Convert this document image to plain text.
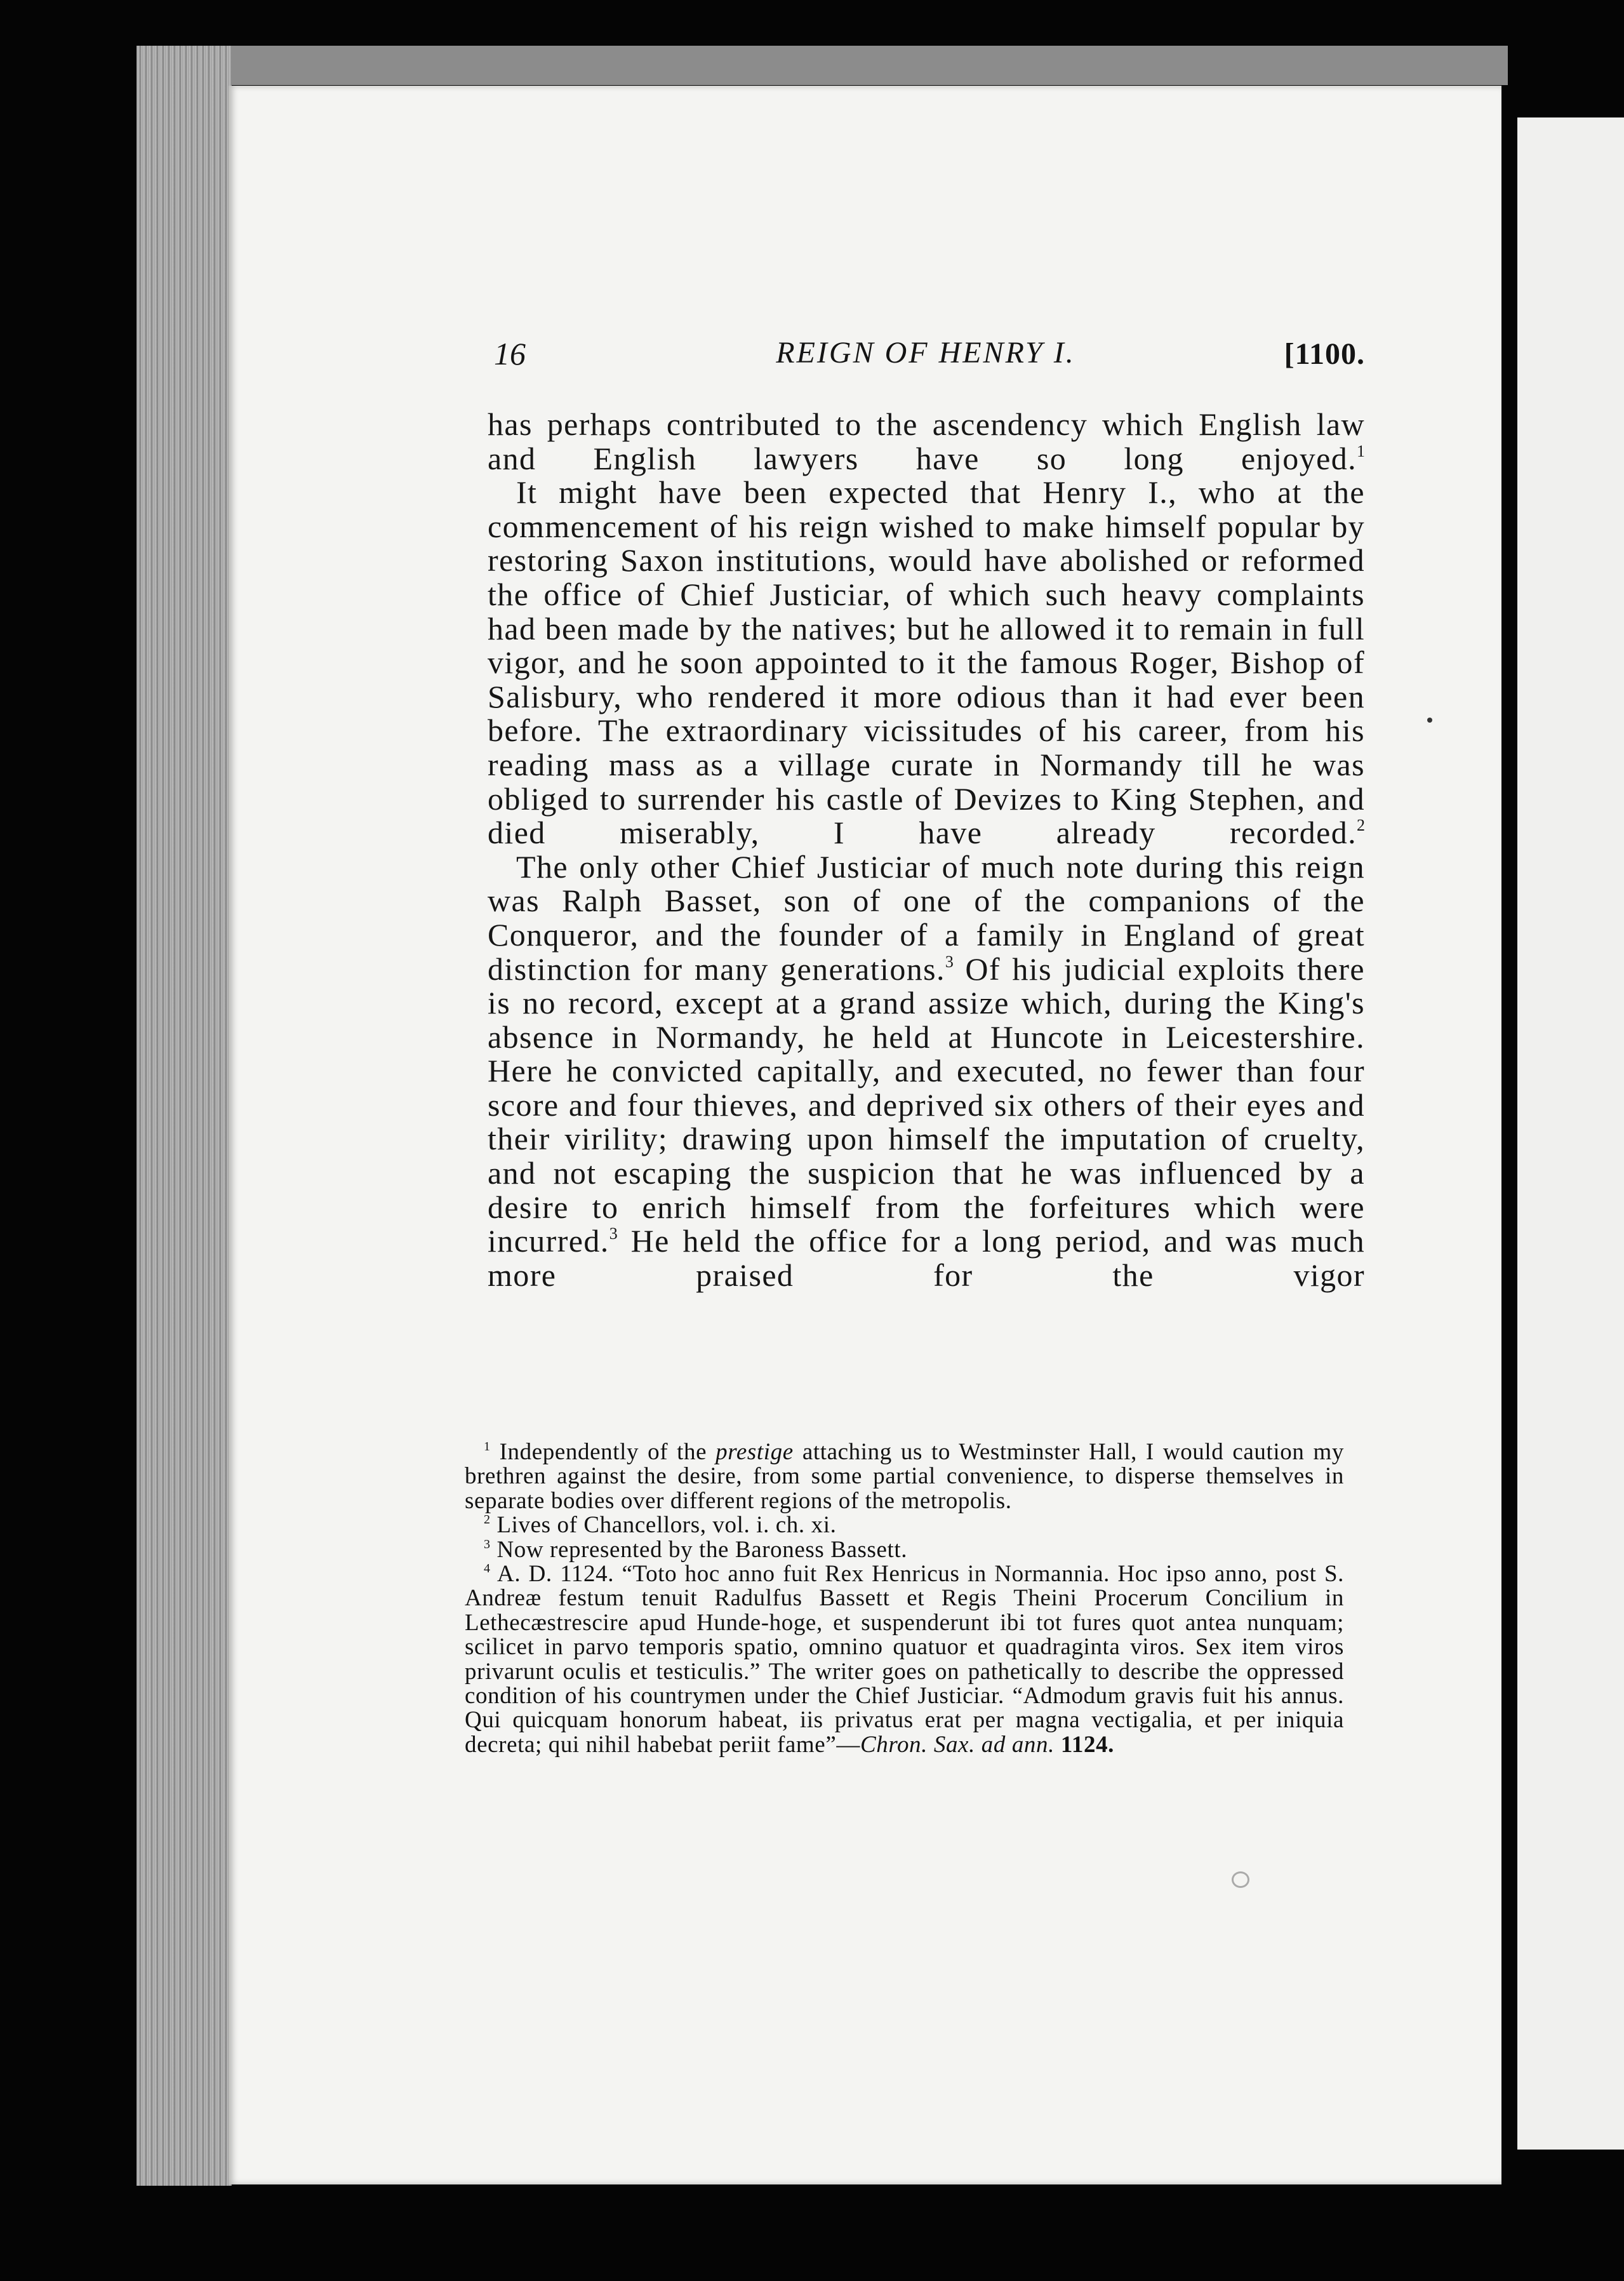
16	REIGN OF HENRY I.	[1100.

has perhaps contributed to the ascendency which English law and English lawyers have so long enjoyed.$^1$

It might have been expected that Henry I., who at the commencement of his reign wished to make himself popular by restoring Saxon institutions, would have abolished or reformed the office of Chief Justiciar, of which such heavy complaints had been made by the natives; but he allowed it to remain in full vigor, and he soon appointed to it the famous Roger, Bishop of Salisbury, who rendered it more odious than it had ever been before. The extraordinary vicissitudes of his career, from his reading mass as a village curate in Normandy till he was obliged to surrender his castle of Devizes to King Stephen, and died miserably, I have already recorded.$^2$

The only other Chief Justiciar of much note during this reign was Ralph Basset, son of one of the companions of the Conqueror, and the founder of a family in England of great distinction for many generations.$^3$ Of his judicial exploits there is no record, except at a grand assize which, during the King's absence in Normandy, he held at Huncote in Leicestershire. Here he convicted capitally, and executed, no fewer than four score and four thieves, and deprived six others of their eyes and their virility; drawing upon himself the imputation of cruelty, and not escaping the suspicion that he was influenced by a desire to enrich himself from the forfeitures which were incurred.$^3$ He held the office for a long period, and was much more praised for the vigor

$^1$ Independently of the prestige attaching us to Westminster Hall, I would caution my brethren against the desire, from some partial convenience, to disperse themselves in separate bodies over different regions of the metropolis.

$^2$ Lives of Chancellors, vol. i. ch. xi.

$^3$ Now represented by the Baroness Bassett.

$^4$ A. D. 1124. “Toto hoc anno fuit Rex Henricus in Normannia. Hoc ipso anno, post S. Andreæ festum tenuit Radulfus Bassett et Regis Theini Procerum Concilium in Lethecæstrescire apud Hunde-hoge, et suspenderunt ibi tot fures quot antea nunquam; scilicet in parvo temporis spatio, omnino quatuor et quadraginta viros. Sex item viros privarunt oculis et testiculis.” The writer goes on pathetically to describe the oppressed condition of his countrymen under the Chief Justiciar. “Admodum gravis fuit his annus. Qui quicquam honorum habeat, iis privatus erat per magna vectigalia, et per iniquia decreta; qui nihil habebat periit fame”—Chron. Sax. ad ann. 1124.
